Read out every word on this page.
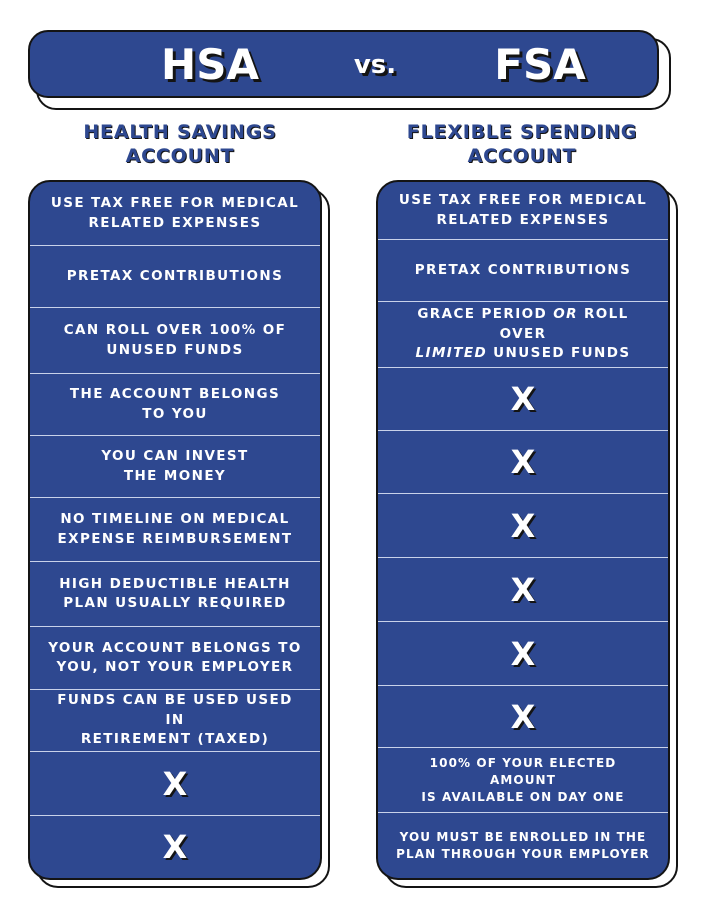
HSA	vs.	FSA
HEALTH SAVINGS
ACCOUNT
FLEXIBLE SPENDING
ACCOUNT
USE TAX FREE FOR MEDICAL
RELATED EXPENSES
PRETAX CONTRIBUTIONS
CAN ROLL OVER 100% OF
UNUSED FUNDS
THE ACCOUNT BELONGS
TO YOU
YOU CAN INVEST
THE MONEY
NO TIMELINE ON MEDICAL
EXPENSE REIMBURSEMENT
HIGH DEDUCTIBLE HEALTH
PLAN USUALLY REQUIRED
YOUR ACCOUNT BELONGS TO
YOU, NOT YOUR EMPLOYER
FUNDS CAN BE USED USED IN
RETIREMENT (TAXED)
X
X
USE TAX FREE FOR MEDICAL
RELATED EXPENSES
PRETAX CONTRIBUTIONS
GRACE PERIOD OR ROLL OVER
LIMITED UNUSED FUNDS
X
X
X
X
X
X
100% OF YOUR ELECTED AMOUNT
IS AVAILABLE ON DAY ONE
YOU MUST BE ENROLLED IN THE
PLAN THROUGH YOUR EMPLOYER
